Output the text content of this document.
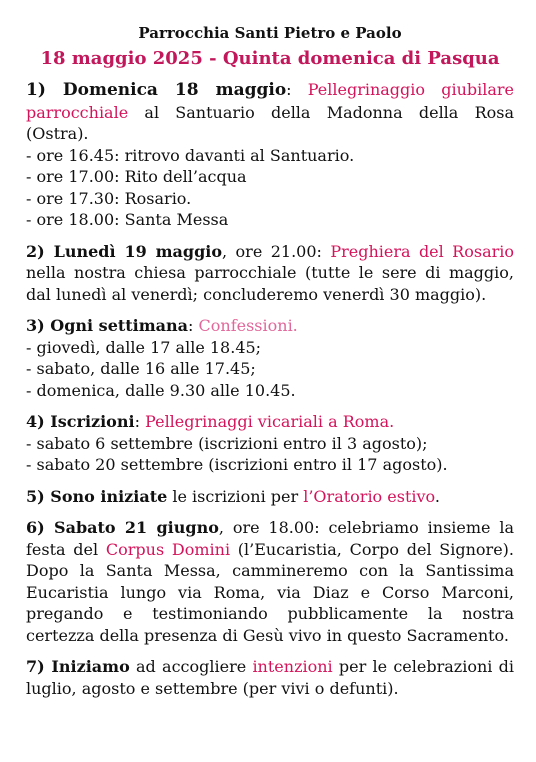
Parrocchia Santi Pietro e Paolo
18 maggio 2025 - Quinta domenica di Pasqua
1) Domenica 18 maggio: Pellegrinaggio giubilare parrocchiale al Santuario della Madonna della Rosa (Ostra).
- ore 16.45: ritrovo davanti al Santuario.
- ore 17.00: Rito dell’acqua
- ore 17.30: Rosario.
- ore 18.00: Santa Messa
2) Lunedì 19 maggio, ore 21.00: Preghiera del Rosario nella nostra chiesa parrocchiale (tutte le sere di maggio, dal lunedì al venerdì; concluderemo venerdì 30 maggio).
3) Ogni settimana: Confessioni.
- giovedì, dalle 17 alle 18.45;
- sabato, dalle 16 alle 17.45;
- domenica, dalle 9.30 alle 10.45.
4) Iscrizioni: Pellegrinaggi vicariali a Roma.
- sabato 6 settembre (iscrizioni entro il 3 agosto);
- sabato 20 settembre (iscrizioni entro il 17 agosto).
5) Sono iniziate le iscrizioni per l’Oratorio estivo.
6) Sabato 21 giugno, ore 18.00: celebriamo insieme la festa del Corpus Domini (l’Eucaristia, Corpo del Signore). Dopo la Santa Messa, cammineremo con la Santissima Eucaristia lungo via Roma, via Diaz e Corso Marconi, pregando e testimoniando pubblicamente la nostra certezza della presenza di Gesù vivo in questo Sacramento.
7) Iniziamo ad accogliere intenzioni per le celebrazioni di luglio, agosto e settembre (per vivi o defunti).
